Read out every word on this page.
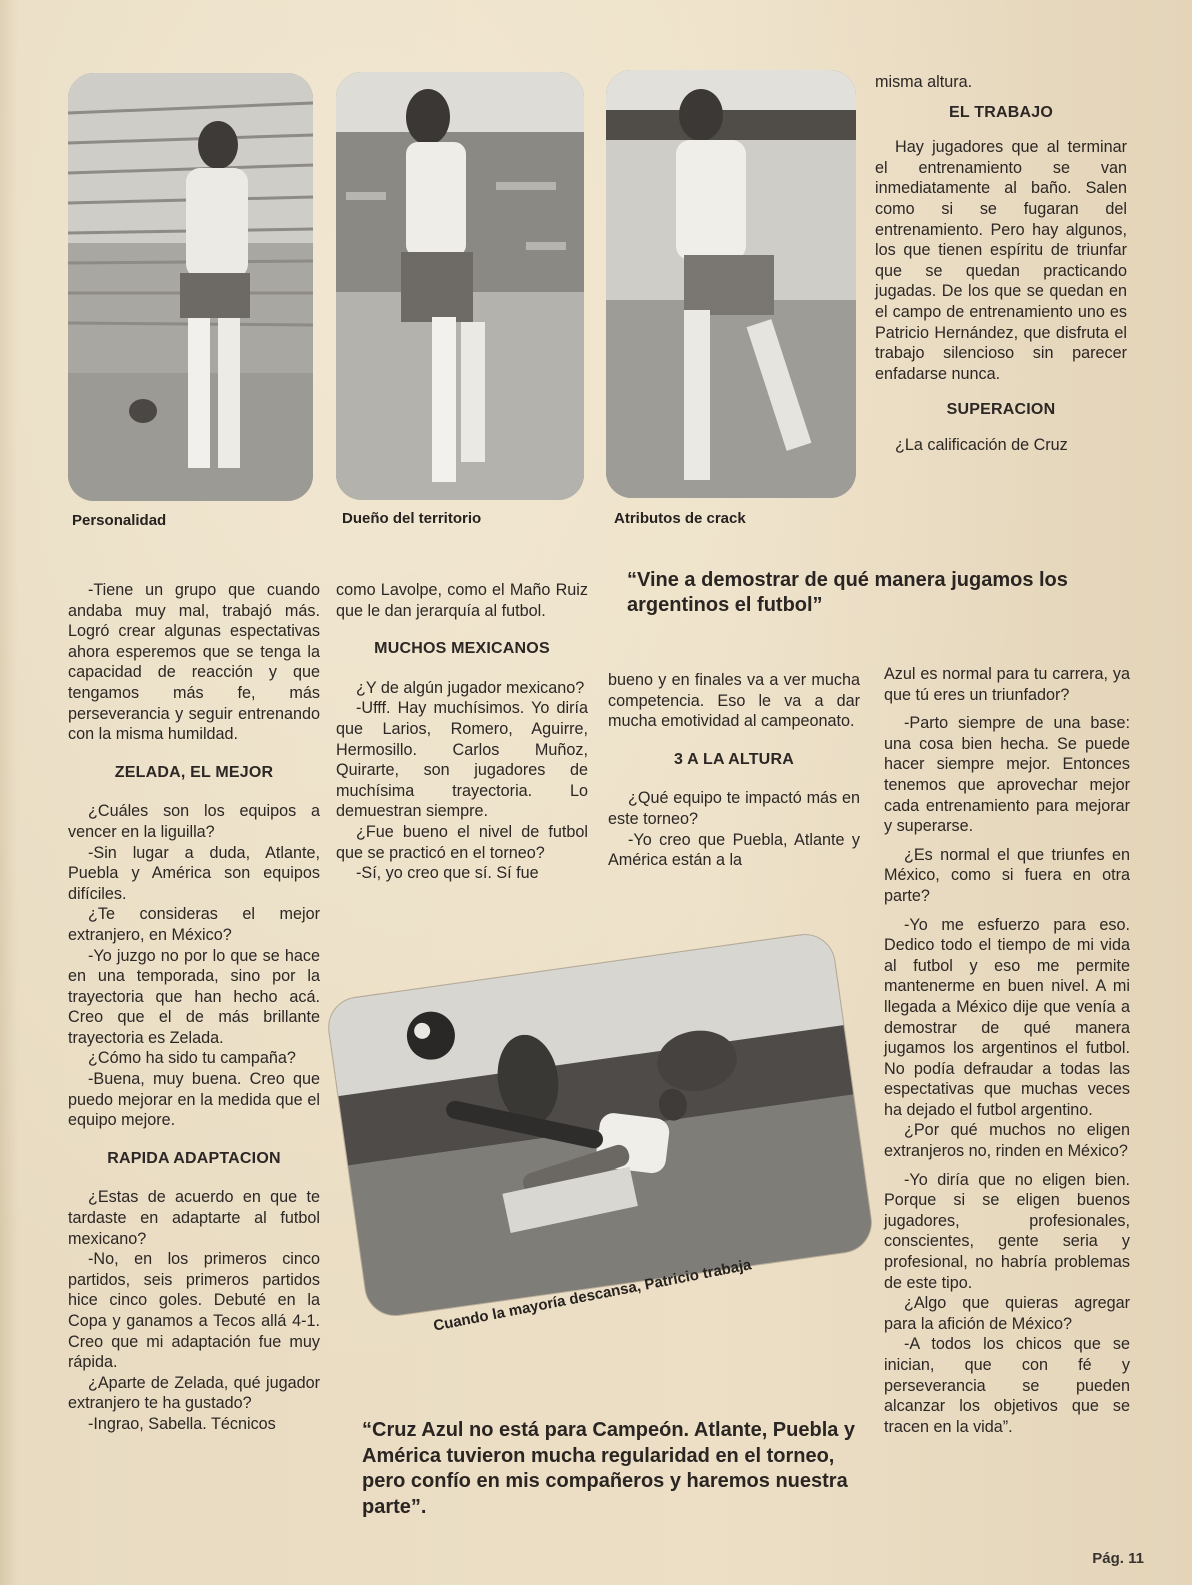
Personalidad	Dueño del territorio	Atributos de crack

misma altura.

EL TRABAJO

Hay jugadores que al terminar el entrenamiento se van inmediatamente al baño. Salen como si se fugaran del entrenamiento. Pero hay algunos, los que tienen espíritu de triunfar que se quedan practicando jugadas. De los que se quedan en el campo de entrenamiento uno es Patricio Hernández, que disfruta el trabajo silencioso sin parecer enfadarse nunca.

SUPERACION

¿La calificación de Cruz

“Vine a demostrar de qué manera jugamos los argentinos el futbol”

-Tiene un grupo que cuando andaba muy mal, trabajó más. Logró crear algunas espectativas ahora esperemos que se tenga la capacidad de reacción y que tengamos más fe, más perseverancia y seguir entrenando con la misma humildad.

ZELADA, EL MEJOR

¿Cuáles son los equipos a vencer en la liguilla?

-Sin lugar a duda, Atlante, Puebla y América son equipos difíciles.

¿Te consideras el mejor extranjero, en México?

-Yo juzgo no por lo que se hace en una temporada, sino por la trayectoria que han hecho acá. Creo que el de más brillante trayectoria es Zelada.

¿Cómo ha sido tu campaña?

-Buena, muy buena. Creo que puedo mejorar en la medida que el equipo mejore.

RAPIDA ADAPTACION

¿Estas de acuerdo en que te tardaste en adaptarte al futbol mexicano?

-No, en los primeros cinco partidos, seis primeros partidos hice cinco goles. Debuté en la Copa y ganamos a Tecos allá 4-1. Creo que mi adaptación fue muy rápida.

¿Aparte de Zelada, qué jugador extranjero te ha gustado?

-Ingrao, Sabella. Técnicos

como Lavolpe, como el Maño Ruiz que le dan jerarquía al futbol.

MUCHOS MEXICANOS

¿Y de algún jugador mexicano?

-Ufff. Hay muchísimos. Yo diría que Larios, Romero, Aguirre, Hermosillo. Carlos Muñoz, Quirarte, son jugadores de muchísima trayectoria. Lo demuestran siempre.

¿Fue bueno el nivel de futbol que se practicó en el torneo?

-Sí, yo creo que sí. Sí fue

bueno y en finales va a ver mucha competencia. Eso le va a dar mucha emotividad al campeonato.

3 A LA ALTURA

¿Qué equipo te impactó más en este torneo?

-Yo creo que Puebla, Atlante y América están a la

Azul es normal para tu carrera, ya que tú eres un triunfador?

-Parto siempre de una base: una cosa bien hecha. Se puede hacer siempre mejor. Entonces tenemos que aprovechar mejor cada entrenamiento para mejorar y superarse.

¿Es normal el que triunfes en México, como si fuera en otra parte?

-Yo me esfuerzo para eso. Dedico todo el tiempo de mi vida al futbol y eso me permite mantenerme en buen nivel. A mi llegada a México dije que venía a demostrar de qué manera jugamos los argentinos el futbol. No podía defraudar a todas las espectativas que muchas veces ha dejado el futbol argentino.

¿Por qué muchos no eligen extranjeros no, rinden en México?

-Yo diría que no eligen bien. Porque si se eligen buenos jugadores, profesionales, conscientes, gente seria y profesional, no habría problemas de este tipo.

¿Algo que quieras agregar para la afición de México?

-A todos los chicos que se inician, que con fé y perseverancia se pueden alcanzar los objetivos que se tracen en la vida”.

Cuando la mayoría descansa, Patricio trabaja
“Cruz Azul no está para Campeón. Atlante, Puebla y América tuvieron mucha regularidad en el torneo, pero confío en mis compañeros y haremos nuestra parte”.
Pág. 11
